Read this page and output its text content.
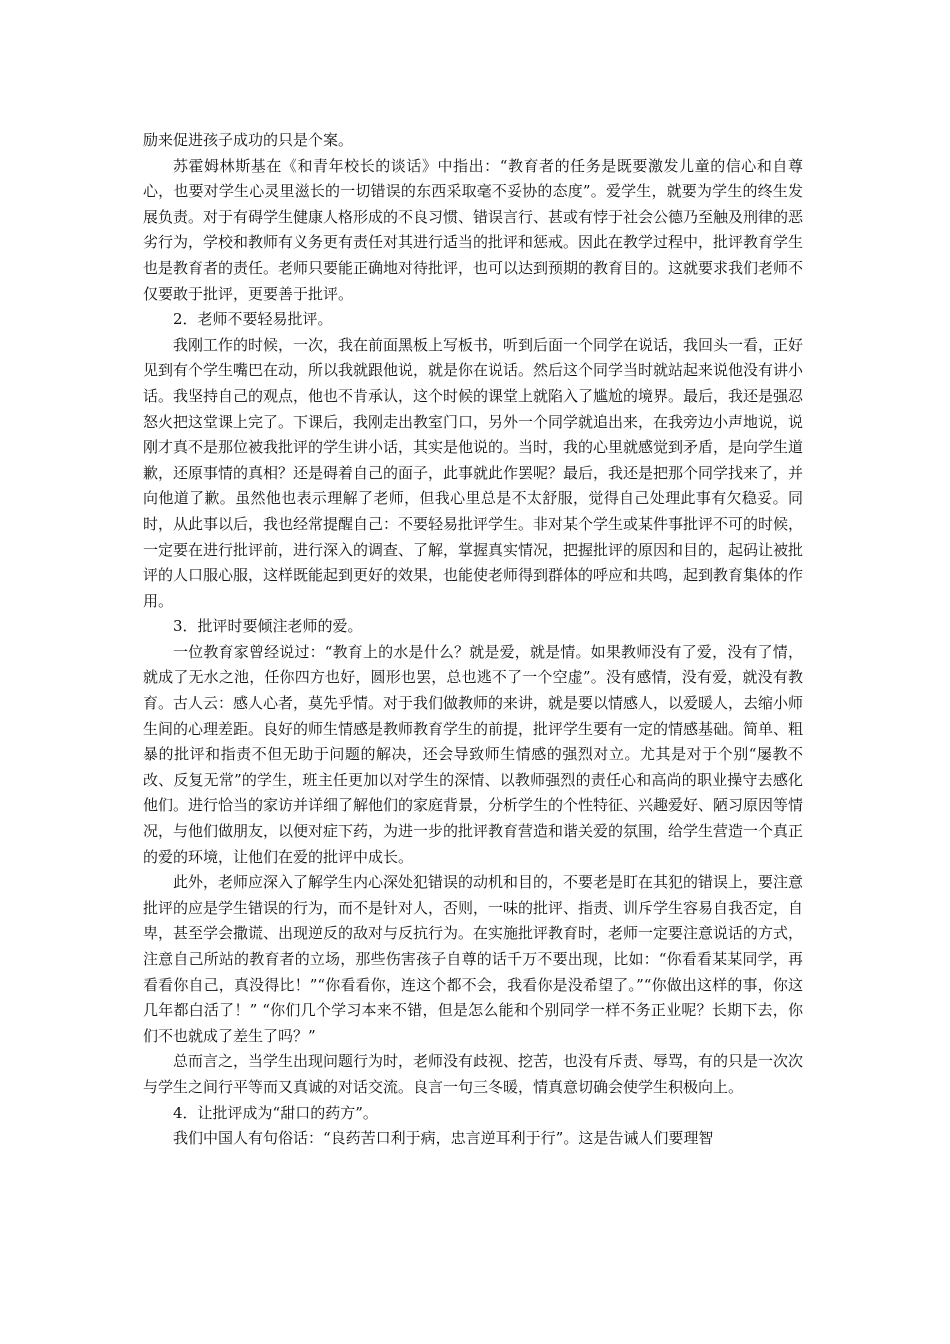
励来促进孩子成功的只是个案。

苏霍姆林斯基在《和青年校长的谈话》中指出：“教育者的任务是既要激发儿童的信心和自尊心，也要对学生心灵里滋长的一切错误的东西采取毫不妥协的态度”。爱学生，就要为学生的终生发展负责。对于有碍学生健康人格形成的不良习惯、错误言行、甚或有悖于社会公德乃至触及刑律的恶劣行为，学校和教师有义务更有责任对其进行适当的批评和惩戒。因此在教学过程中，批评教育学生也是教育者的责任。老师只要能正确地对待批评，也可以达到预期的教育目的。这就要求我们老师不仅要敢于批评，更要善于批评。

2．老师不要轻易批评。

我刚工作的时候，一次，我在前面黑板上写板书，听到后面一个同学在说话，我回头一看，正好见到有个学生嘴巴在动，所以我就跟他说，就是你在说话。然后这个同学当时就站起来说他没有讲小话。我坚持自己的观点，他也不肯承认，这个时候的课堂上就陷入了尴尬的境界。最后，我还是强忍怒火把这堂课上完了。下课后，我刚走出教室门口，另外一个同学就追出来，在我旁边小声地说，说刚才真不是那位被我批评的学生讲小话，其实是他说的。当时，我的心里就感觉到矛盾，是向学生道歉，还原事情的真相？还是碍着自己的面子，此事就此作罢呢？最后，我还是把那个同学找来了，并向他道了歉。虽然他也表示理解了老师，但我心里总是不太舒服，觉得自己处理此事有欠稳妥。同时，从此事以后，我也经常提醒自己：不要轻易批评学生。非对某个学生或某件事批评不可的时候，一定要在进行批评前，进行深入的调查、了解，掌握真实情况，把握批评的原因和目的，起码让被批评的人口服心服，这样既能起到更好的效果，也能使老师得到群体的呼应和共鸣，起到教育集体的作用。

3．批评时要倾注老师的爱。

一位教育家曾经说过：“教育上的水是什么？就是爱，就是情。如果教师没有了爱，没有了情，就成了无水之池，任你四方也好，圆形也罢，总也逃不了一个空虚”。没有感情，没有爱，就没有教育。古人云：感人心者，莫先乎情。对于我们做教师的来讲，就是要以情感人，以爱暖人，去缩小师生间的心理差距。良好的师生情感是教师教育学生的前提，批评学生要有一定的情感基础。简单、粗暴的批评和指责不但无助于问题的解决，还会导致师生情感的强烈对立。尤其是对于个别“屡教不改、反复无常”的学生，班主任更加以对学生的深情、以教师强烈的责任心和高尚的职业操守去感化他们。进行恰当的家访并详细了解他们的家庭背景，分析学生的个性特征、兴趣爱好、陋习原因等情况，与他们做朋友，以便对症下药，为进一步的批评教育营造和谐关爱的氛围，给学生营造一个真正的爱的环境，让他们在爱的批评中成长。

此外，老师应深入了解学生内心深处犯错误的动机和目的，不要老是盯在其犯的错误上，要注意批评的应是学生错误的行为，而不是针对人，否则，一味的批评、指责、训斥学生容易自我否定，自卑，甚至学会撒谎、出现逆反的敌对与反抗行为。在实施批评教育时，老师一定要注意说话的方式，注意自己所站的教育者的立场，那些伤害孩子自尊的话千万不要出现，比如：“你看看某某同学，再看看你自己，真没得比！”“你看看你，连这个都不会，我看你是没希望了。”“你做出这样的事，你这几年都白活了！” “你们几个学习本来不错，但是怎么能和个别同学一样不务正业呢？长期下去，你们不也就成了差生了吗？”

总而言之，当学生出现问题行为时，老师没有歧视、挖苦，也没有斥责、辱骂，有的只是一次次与学生之间行平等而又真诚的对话交流。良言一句三冬暖，情真意切确会使学生积极向上。

4．让批评成为“甜口的药方”。

我们中国人有句俗话：“良药苦口利于病，忠言逆耳利于行”。这是告诫人们要理智
